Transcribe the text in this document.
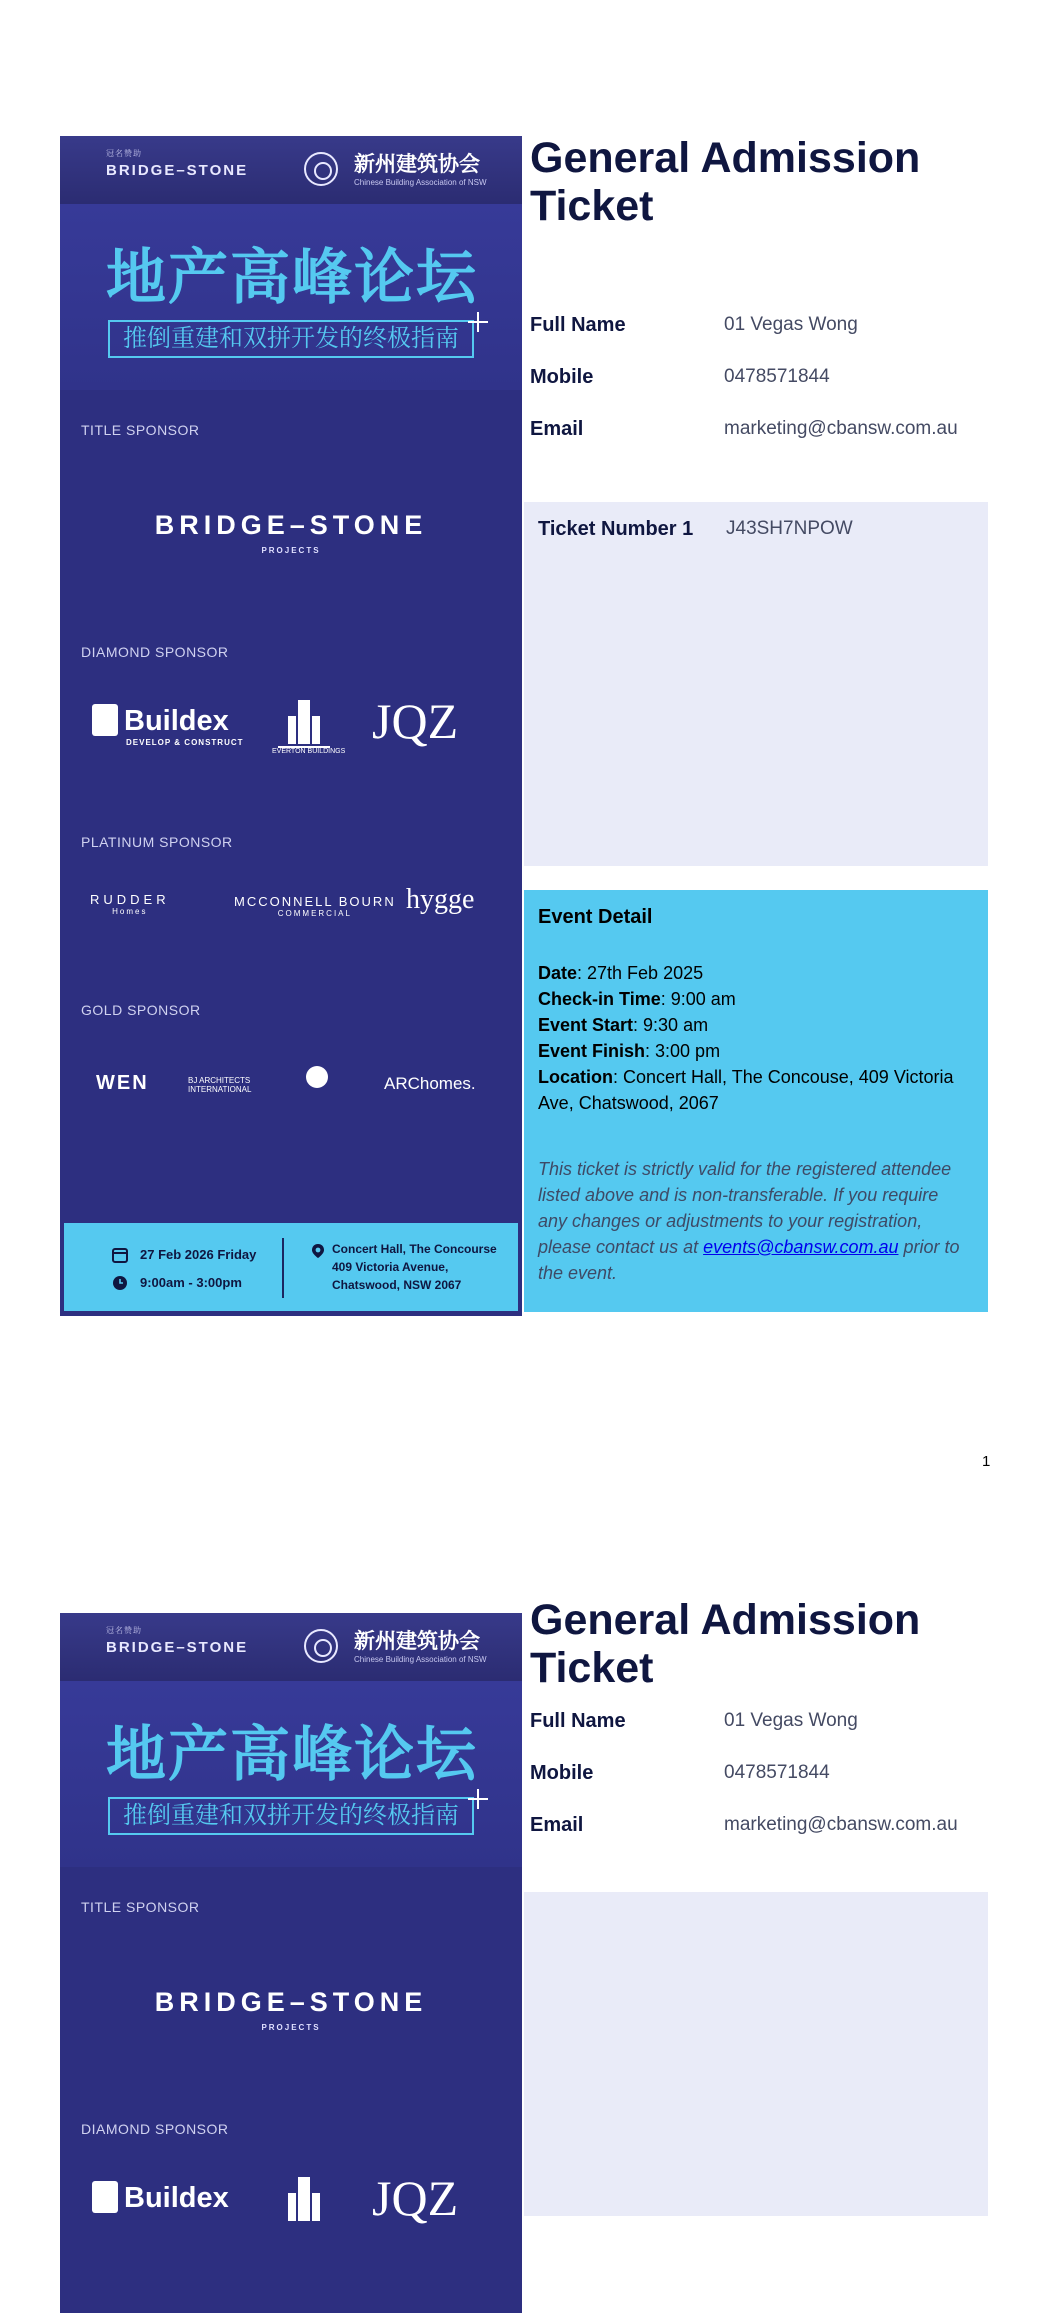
冠名赞助
BRIDGE–STONE	新州建筑协会
Chinese Building Association of NSW
地产高峰论坛
推倒重建和双拼开发的终极指南
TITLE SPONSOR
BRIDGE–STONE
PROJECTS
DIAMOND SPONSOR
Buildex
DEVELOP & CONSTRUCT
EVERTON BUILDINGS
JQZ
PLATINUM SPONSOR
RUDDER
Homes
MCCONNELL BOURN
COMMERCIAL	hygge
GOLD SPONSOR
WEN	BJ ARCHITECTS INTERNATIONAL	ARChomes.
27 Feb 2026 Friday
9:00am - 3:00pm
Concert Hall, The Concourse
409 Victoria Avenue,
Chatswood, NSW 2067
General Admission Ticket
Full Name	01 Vegas Wong
Mobile	0478571844
Email	marketing@cbansw.com.au
Ticket Number 1 J43SH7NPOW
Event Detail
Date: 27th Feb 2025
Check-in Time: 9:00 am
Event Start: 9:30 am
Event Finish: 3:00 pm
Location: Concert Hall, The Concouse, 409 Victoria Ave, Chatswood, 2067
This ticket is strictly valid for the registered attendee listed above and is non-transferable. If you require any changes or adjustments to your registration, please contact us at events@cbansw.com.au prior to the event.
1
冠名赞助
BRIDGE–STONE	新州建筑协会
Chinese Building Association of NSW
地产高峰论坛
推倒重建和双拼开发的终极指南
TITLE SPONSOR
BRIDGE–STONE
PROJECTS
DIAMOND SPONSOR
Buildex	JQZ
General Admission Ticket
Full Name	01 Vegas Wong
Mobile	0478571844
Email	marketing@cbansw.com.au
